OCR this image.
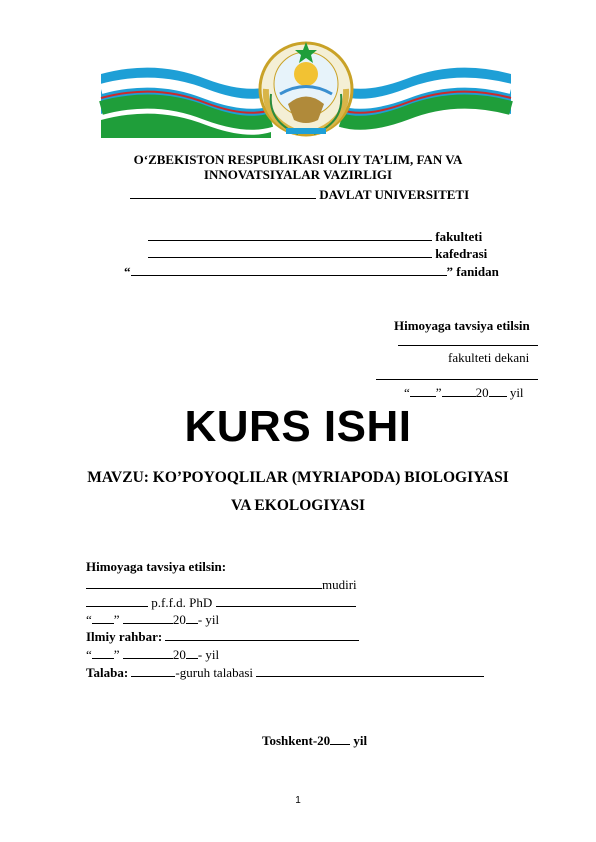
O‘ZBEKISTON RESPUBLIKASI OLIY TA’LIM, FAN VA
INNOVATSIYALAR VAZIRLIGI
DAVLAT UNIVERSITETI
fakulteti
kafedrasi
“	” fanidan
Himoyaga tavsiya etilsin
fakulteti dekani
“ ”	20 yil
KURS ISHI
MAVZU: KO’POYOQLILAR (MYRIAPODA) BIOLOGIYASI
VA EKOLOGIYASI
Himoyaga tavsiya etilsin:
mudiri
p.f.f.d. PhD
“ ”	20 - yil
Ilmiy rahbar:
“ ”	20 - yil
Talaba:	-guruh talabasi
Toshkent-20 yil
1
